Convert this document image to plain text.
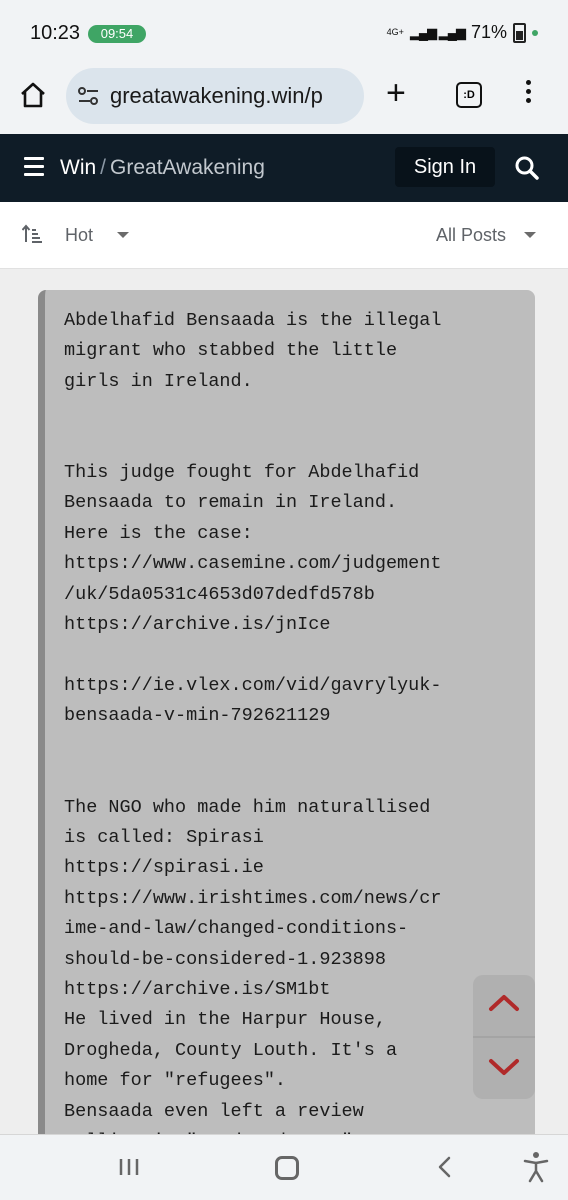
10:23	09:54	4G+ ▂▄▆ ▂▄▆ 71%
greatawakening.win/p	+	:D
Win / GreatAwakening	Sign In
Hot	All Posts
Abdelhafid Bensaada is the illegal
migrant who stabbed the little
girls in Ireland.

This judge fought for Abdelhafid
Bensaada to remain in Ireland.
Here is the case:
https://www.casemine.com/judgement
/uk/5da0531c4653d07dedfd578b
https://archive.is/jnIce

https://ie.vlex.com/vid/gavrylyuk-
bensaada-v-min-792621129

The NGO who made him naturallised
is called: Spirasi
https://spirasi.ie
https://www.irishtimes.com/news/cr
ime-and-law/changed-conditions-
should-be-considered-1.923898
https://archive.is/SM1bt
He lived in the Harpur House,
Drogheda, County Louth. It's a
home for "refugees".
Bensaada even left a review
